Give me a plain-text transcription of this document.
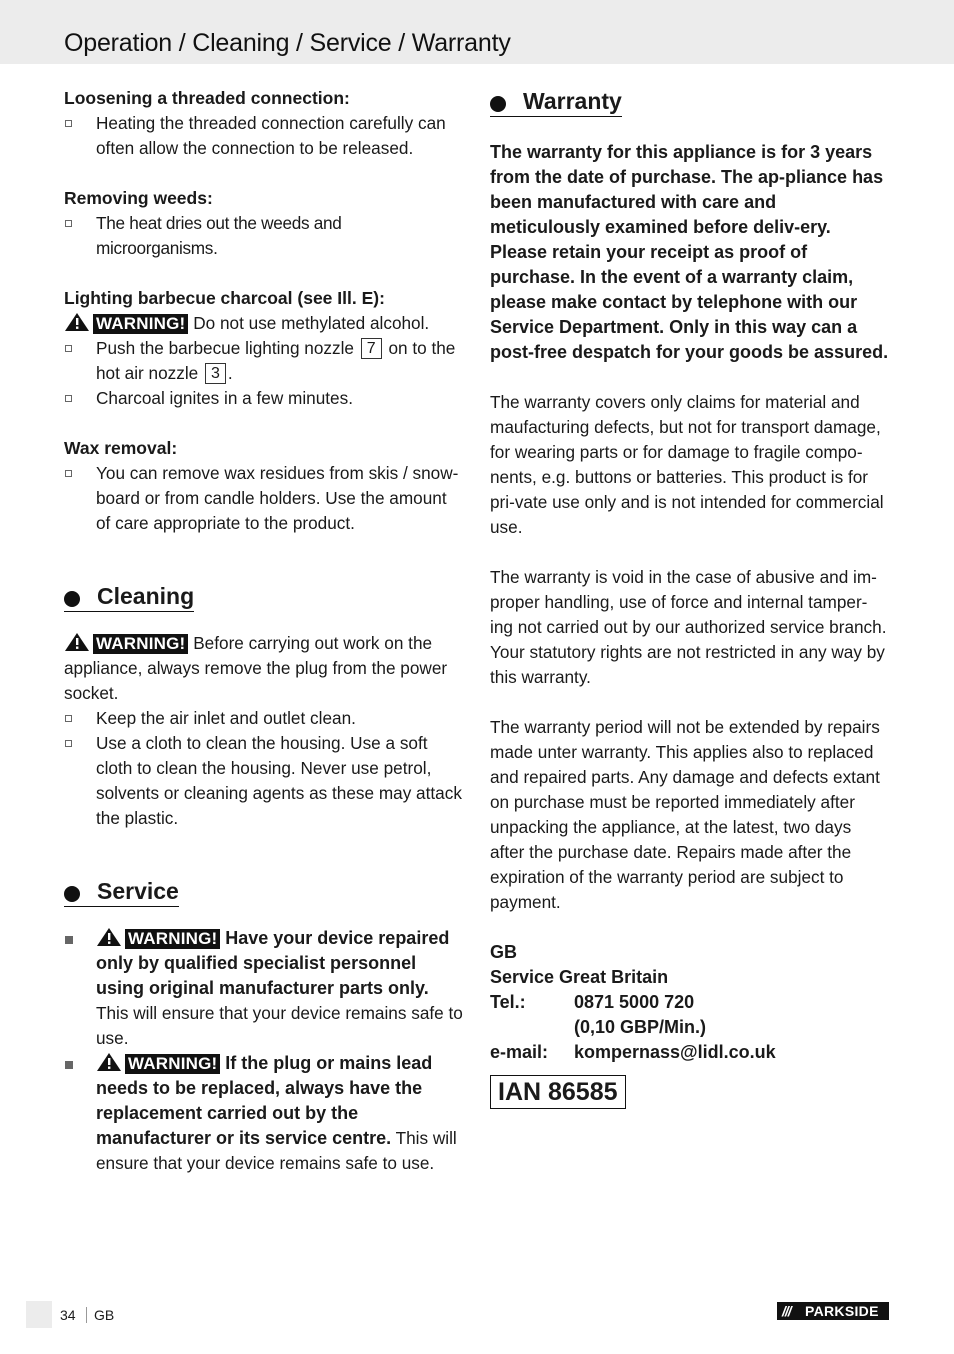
Operation / Cleaning / Service / Warranty

Loosening a threaded connection:

Heating the threaded connection carefully can often allow the connection to be released.

Removing weeds:

The heat dries out the weeds and microorganisms.

Lighting barbecue charcoal (see Ill. E):

WARNING! Do not use methylated alcohol.

Push the barbecue lighting nozzle 7 on to the hot air nozzle 3 .
Charcoal ignites in a few minutes.

Wax removal:

You can remove wax residues from skis / snow-board or from candle holders. Use the amount of care appropriate to the product.
Cleaning

WARNING! Before carrying out work on the appliance, always remove the plug from the power socket.

Keep the air inlet and outlet clean.
Use a cloth to clean the housing. Use a soft cloth to clean the housing. Never use petrol, solvents or cleaning agents as these may attack the plastic.
Service
WARNING! Have your device repaired only by qualified specialist personnel using original manufacturer parts only. This will ensure that your device remains safe to use.
WARNING! If the plug or mains lead needs to be replaced, always have the replacement carried out by the manufacturer or its service centre. This will ensure that your device remains safe to use.
Warranty

The warranty for this appliance is for 3 years from the date of purchase. The ap-pliance has been manufactured with care and meticulously examined before deliv-ery. Please retain your receipt as proof of purchase. In the event of a warranty claim, please make contact by telephone with our Service Department. Only in this way can a post-free despatch for your goods be assured.

The warranty covers only claims for material and maufacturing defects, but not for transport damage, for wearing parts or for damage to fragile compo-nents, e.g. buttons or batteries. This product is for pri-vate use only and is not intended for commercial use.

The warranty is void in the case of abusive and im-proper handling, use of force and internal tamper-ing not carried out by our authorized service branch. Your statutory rights are not restricted in any way by this warranty.

The warranty period will not be extended by repairs made unter warranty. This applies also to replaced and repaired parts. Any damage and defects extant on purchase must be reported immediately after unpacking the appliance, at the latest, two days after the purchase date. Repairs made after the expiration of the warranty period are subject to payment.

GB
Service Great Britain
Tel.:	0871 5000 720
(0,10 GBP/Min.)
e-mail: kompernass@lidl.co.uk
IAN 86585
34 GB	/// PARKSIDE
